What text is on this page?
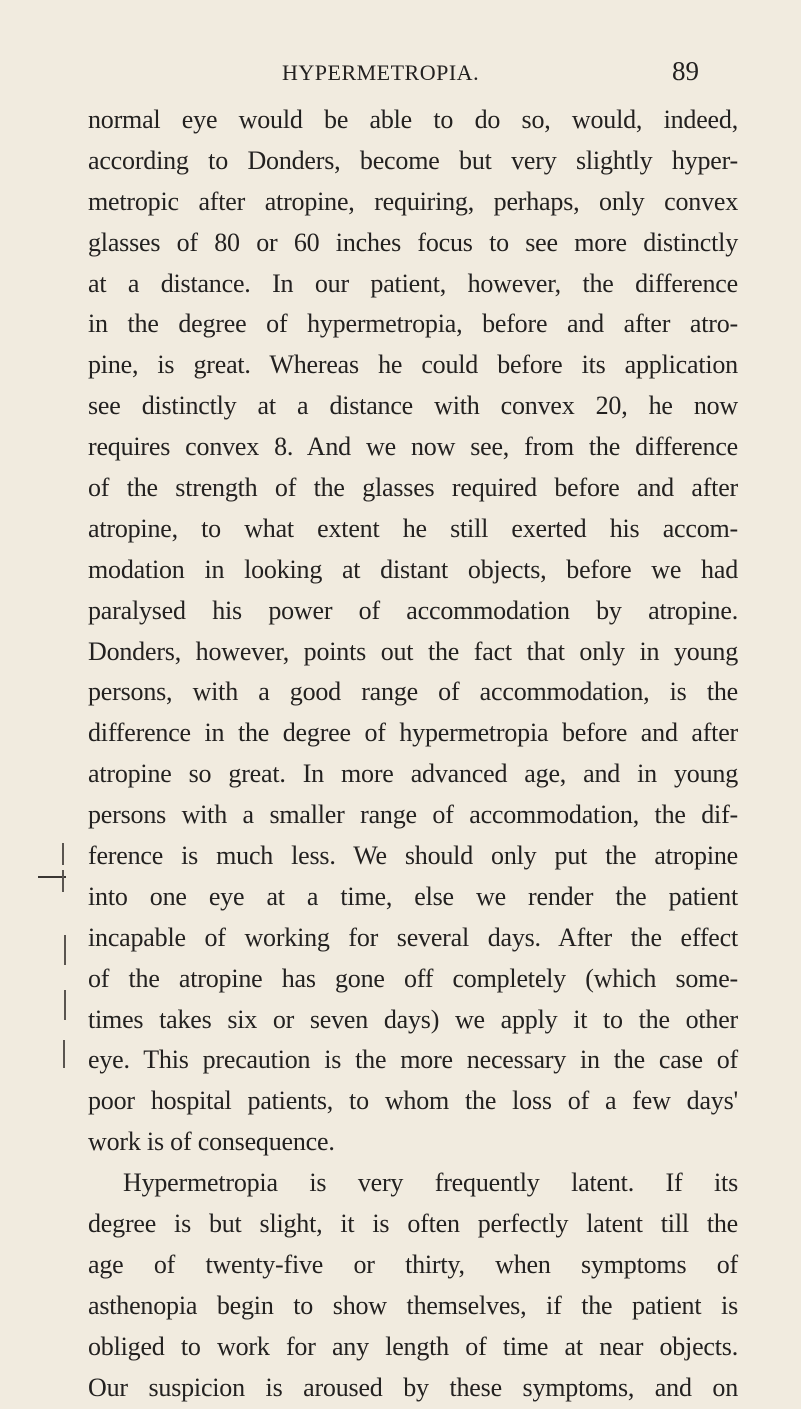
HYPERMETROPIA.	89
normal eye would be able to do so, would, indeed,
according to Donders, become but very slightly hyper-
metropic after atropine, requiring, perhaps, only convex
glasses of 80 or 60 inches focus to see more distinctly
at a distance. In our patient, however, the difference
in the degree of hypermetropia, before and after atro-
pine, is great. Whereas he could before its application
see distinctly at a distance with convex 20, he now
requires convex 8. And we now see, from the difference
of the strength of the glasses required before and after
atropine, to what extent he still exerted his accom-
modation in looking at distant objects, before we had
paralysed his power of accommodation by atropine.
Donders, however, points out the fact that only in young
persons, with a good range of accommodation, is the
difference in the degree of hypermetropia before and after
atropine so great. In more advanced age, and in young
persons with a smaller range of accommodation, the dif-
ference is much less. We should only put the atropine
into one eye at a time, else we render the patient
incapable of working for several days. After the effect
of the atropine has gone off completely (which some-
times takes six or seven days) we apply it to the other
eye. This precaution is the more necessary in the case of
poor hospital patients, to whom the loss of a few days'
work is of consequence.
Hypermetropia is very frequently latent. If its
degree is but slight, it is often perfectly latent till the
age of twenty-five or thirty, when symptoms of
asthenopia begin to show themselves, if the patient is
obliged to work for any length of time at near objects.
Our suspicion is aroused by these symptoms, and on
